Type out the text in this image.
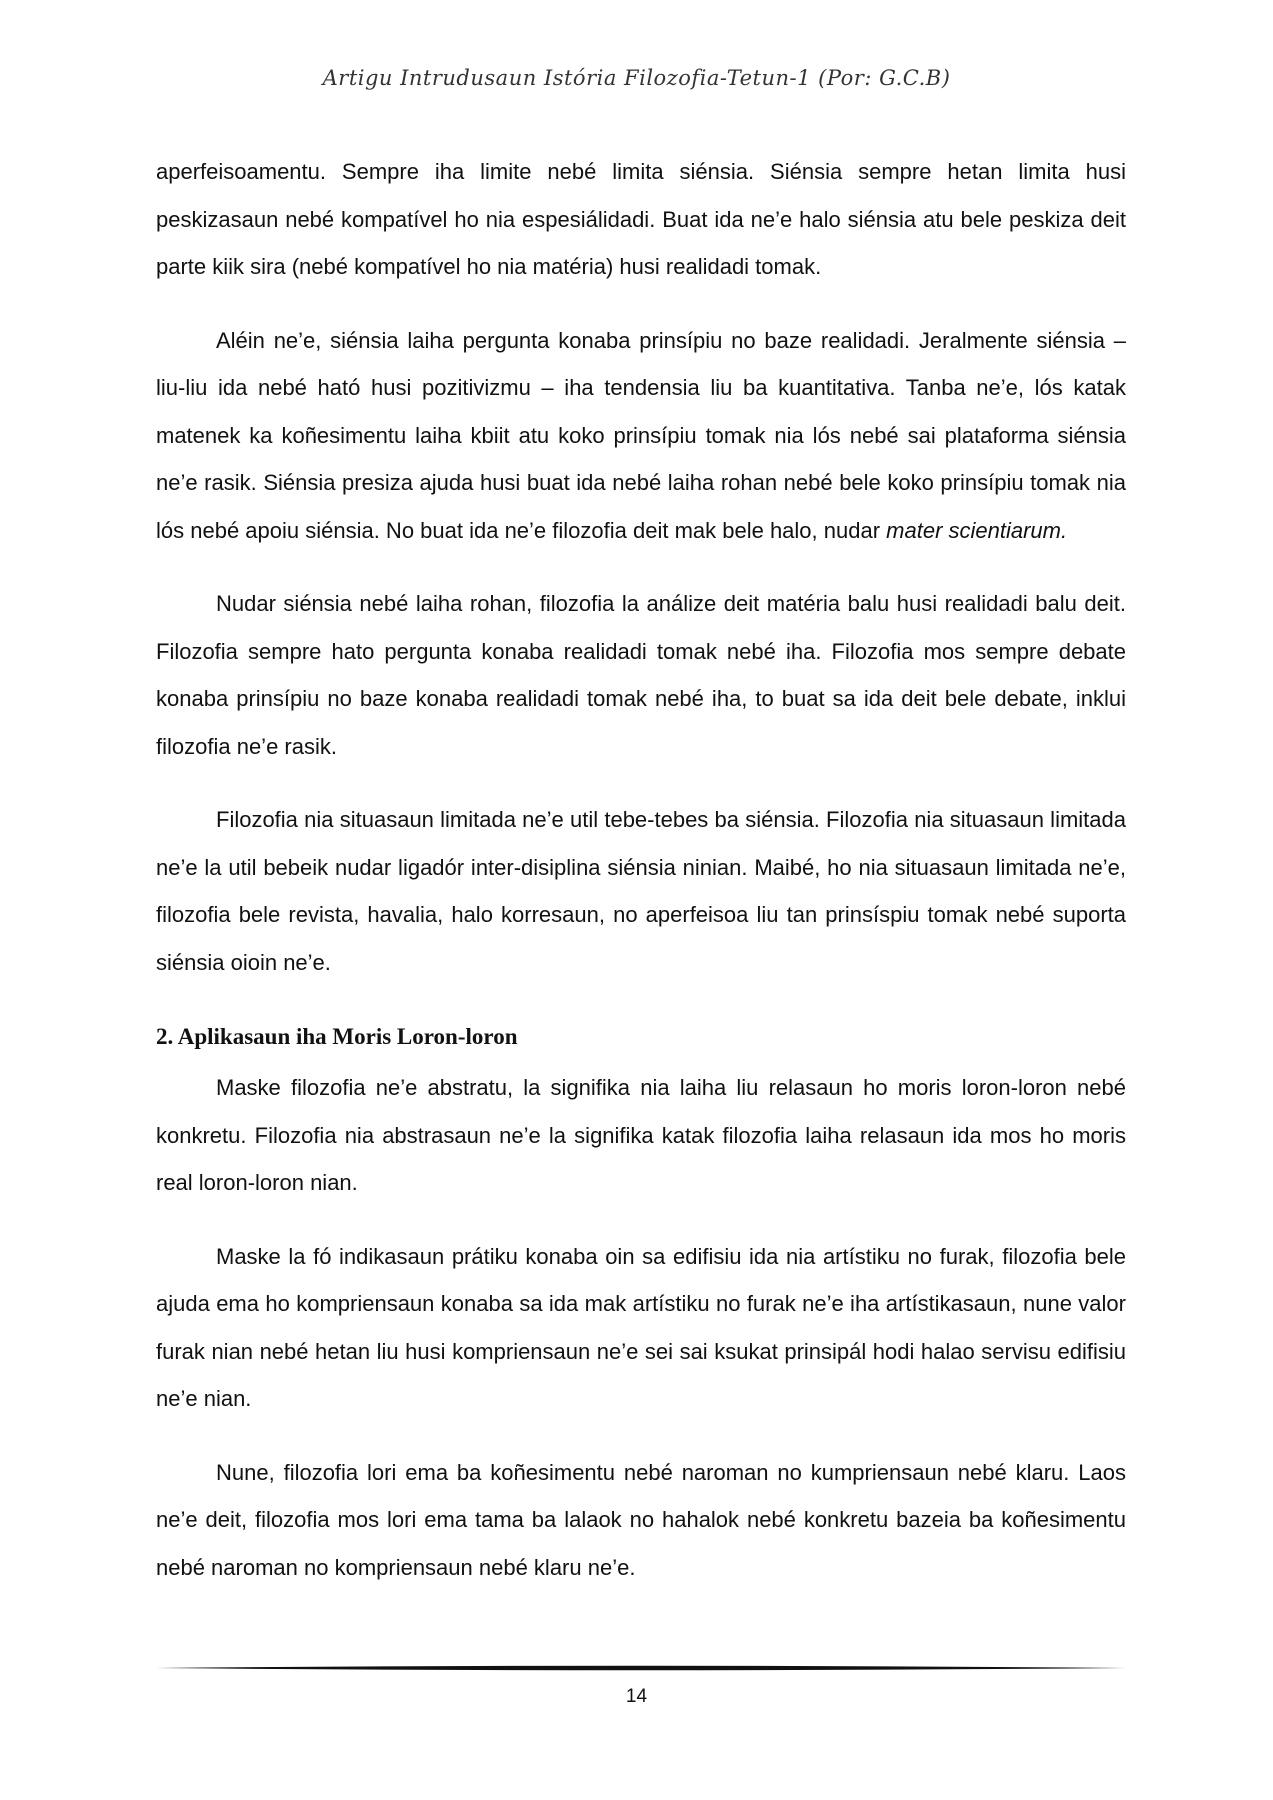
Artigu Intrudusaun Istória Filozofia-Tetun-1 (Por: G.C.B)

aperfeisoamentu. Sempre iha limite nebé limita siénsia. Siénsia sempre hetan limita husi peskizasaun nebé kompatível ho nia espesiálidadi. Buat ida ne’e halo siénsia atu bele peskiza deit parte kiik sira (nebé kompatível ho nia matéria) husi realidadi tomak.

Aléin ne’e, siénsia laiha pergunta konaba prinsípiu no baze realidadi. Jeralmente siénsia – liu-liu ida nebé ható husi pozitivizmu – iha tendensia liu ba kuantitativa. Tanba ne’e, lós katak matenek ka koñesimentu laiha kbiit atu koko prinsípiu tomak nia lós nebé sai plataforma siénsia ne’e rasik. Siénsia presiza ajuda husi buat ida nebé laiha rohan nebé bele koko prinsípiu tomak nia lós nebé apoiu siénsia. No buat ida ne’e filozofia deit mak bele halo, nudar mater scientiarum.

Nudar siénsia nebé laiha rohan, filozofia la análize deit matéria balu husi realidadi balu deit. Filozofia sempre hato pergunta konaba realidadi tomak nebé iha. Filozofia mos sempre debate konaba prinsípiu no baze konaba realidadi tomak nebé iha, to buat sa ida deit bele debate, inklui filozofia ne’e rasik.

Filozofia nia situasaun limitada ne’e util tebe-tebes ba siénsia. Filozofia nia situasaun limitada ne’e la util bebeik nudar ligadór inter-disiplina siénsia ninian. Maibé, ho nia situasaun limitada ne’e, filozofia bele revista, havalia, halo korresaun, no aperfeisoa liu tan prinsíspiu tomak nebé suporta siénsia oioin ne’e.

2. Aplikasaun iha Moris Loron-loron

Maske filozofia ne’e abstratu, la signifika nia laiha liu relasaun ho moris loron-loron nebé konkretu. Filozofia nia abstrasaun ne’e la signifika katak filozofia laiha relasaun ida mos ho moris real loron-loron nian.

Maske la fó indikasaun prátiku konaba oin sa edifisiu ida nia artístiku no furak, filozofia bele ajuda ema ho kompriensaun konaba sa ida mak artístiku no furak ne’e iha artístikasaun, nune valor furak nian nebé hetan liu husi kompriensaun ne’e sei sai ksukat prinsipál hodi halao servisu edifisiu ne’e nian.

Nune, filozofia lori ema ba koñesimentu nebé naroman no kumpriensaun nebé klaru. Laos ne’e deit, filozofia mos lori ema tama ba lalaok no hahalok nebé konkretu bazeia ba koñesimentu nebé naroman no kompriensaun nebé klaru ne’e.

14
